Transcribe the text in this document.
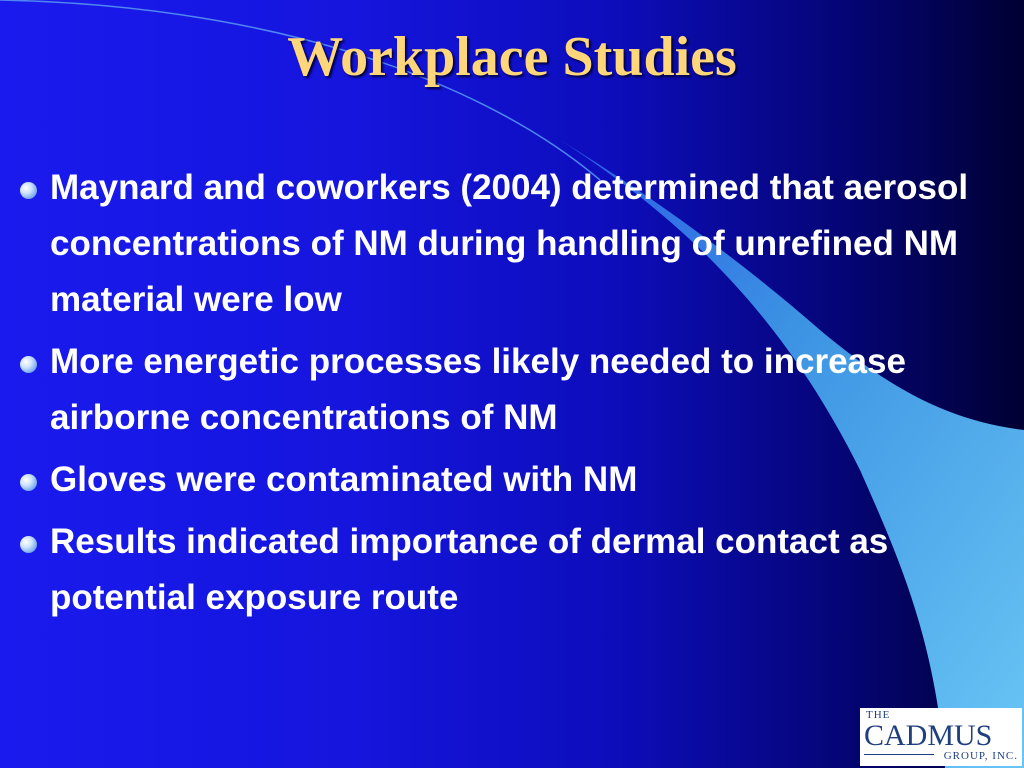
Workplace Studies
Maynard and coworkers (2004) determined that aerosol concentrations of NM during handling of unrefined NM material were low
More energetic processes likely needed to increase airborne concentrations of NM
Gloves were contaminated with NM
Results indicated importance of dermal contact as potential exposure route
THE
CADMUS
GROUP, INC.
